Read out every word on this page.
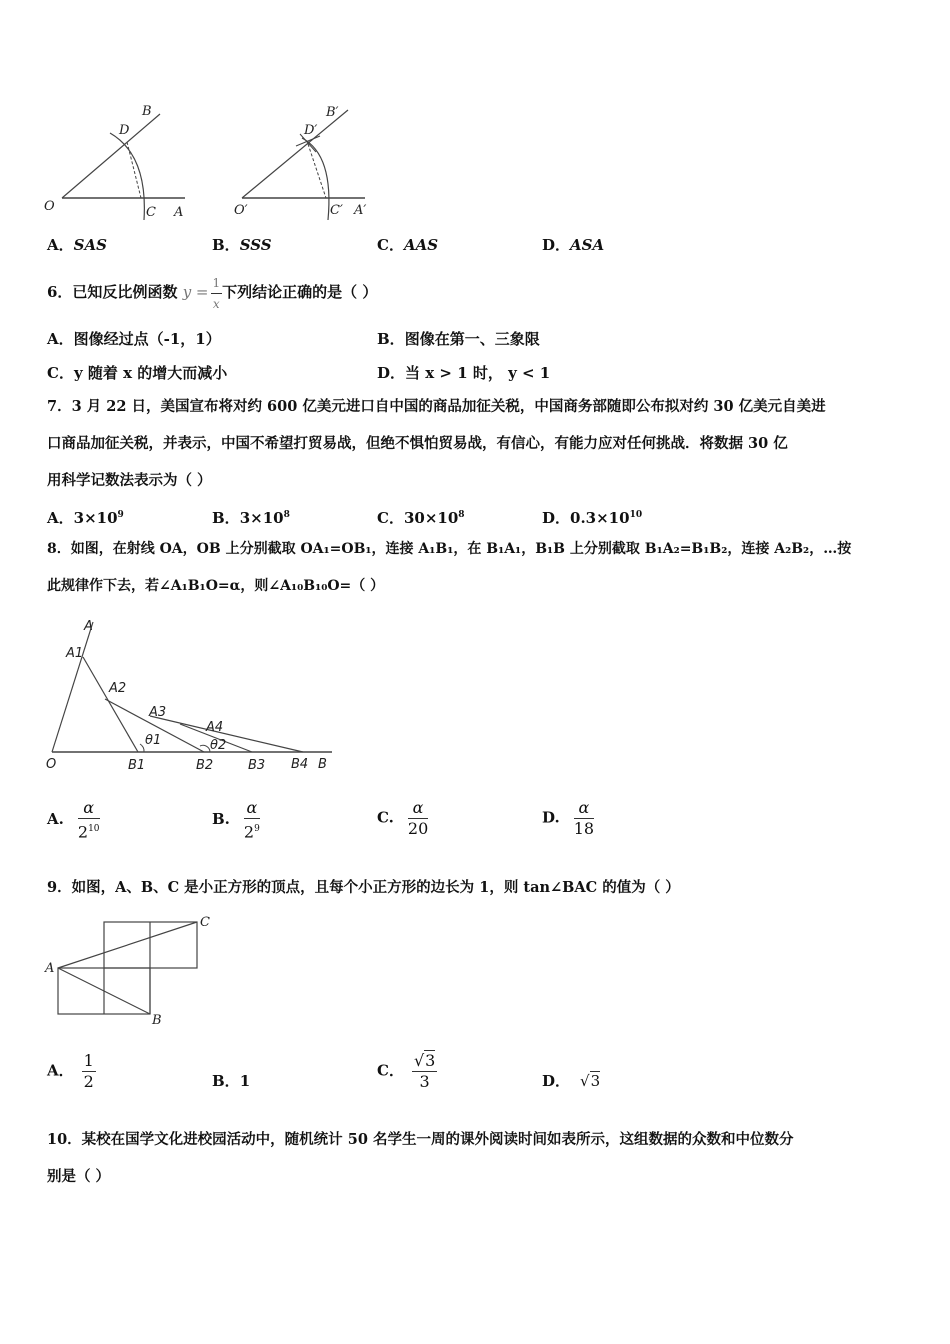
O	C A
B
D
O′	C′ A′
B′
D′
A．SAS	B．SSS	C．AAS	D．ASA
6．已知反比例函数 $y = \frac{1}{x}$ 下列结论正确的是（ ）
A．图像经过点（-1，1）	B．图像在第一、三象限
C．y 随着 x 的增大而减小	D．当 x > 1 时， y < 1
7．3 月 22 日，美国宣布将对约 600 亿美元进口自中国的商品加征关税，中国商务部随即公布拟对约 30 亿美元自美进
口商品加征关税，并表示，中国不希望打贸易战，但绝不惧怕贸易战，有信心，有能力应对任何挑战．将数据 30 亿
用科学记数法表示为（ ）
A．$3\times 10^9$	B．$3\times 10^8$	C．$30\times 10^8$	D．$0.3\times 10^{10}$
8．如图，在射线 OA，OB 上分别截取 OA₁=OB₁，连接 A₁B₁，在 B₁A₁，B₁B 上分别截取 B₁A₂=B₁B₂，连接 A₂B₂，…按
此规律作下去，若∠A₁B₁O=α，则∠A₁₀B₁₀O=（ ）
A
A1
A2
A3
A4
θ1	θ2
O	B1	B2	B3 B4 B
A. $\frac{\alpha}{2^{10}}$	B. $\frac{\alpha}{2^9}$	C. $\frac{\alpha}{20}$	D. $\frac{\alpha}{18}$
9．如图，A、B、C 是小正方形的顶点，且每个小正方形的边长为 1，则 tan∠BAC 的值为（ ）
A
B
C
A． $\frac{1}{2}$	B．1
C． $\frac{√3}{3}$	D． √3
10．某校在国学文化进校园活动中，随机统计 50 名学生一周的课外阅读时间如表所示，这组数据的众数和中位数分
别是（ ）
